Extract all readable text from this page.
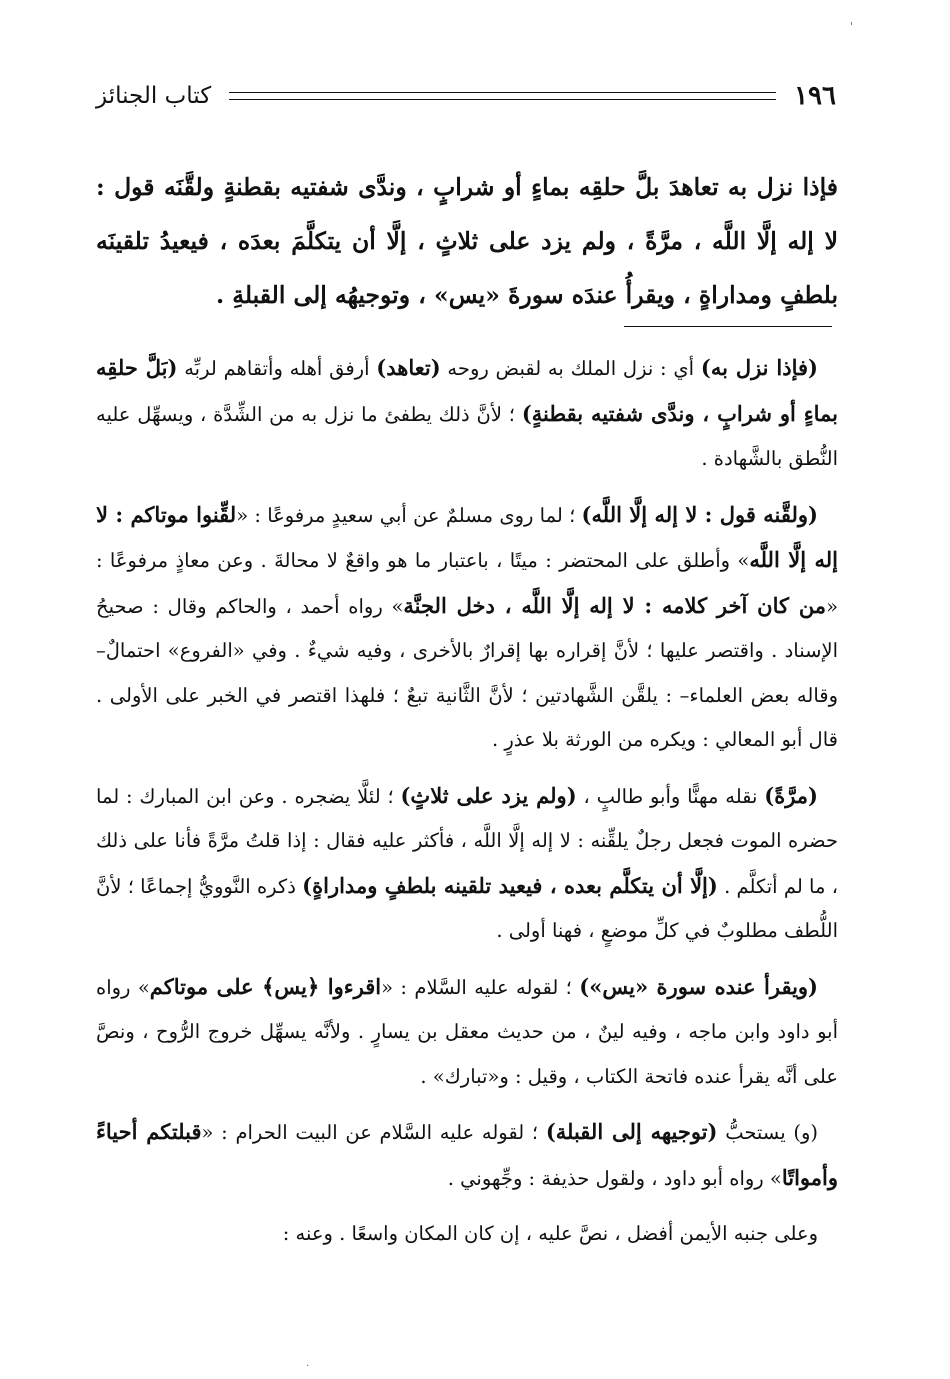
'
١٩٦
كتاب الجنائز

فإذا نزل به تعاهدَ بلَّ حلقِه بماءٍ أو شرابٍ ، وندَّى شفتيه بقطنةٍ ولقَّنَه قول : لا إله إلَّا اللَّه ، مرَّةً ، ولم يزد على ثلاثٍ ، إلَّا أن يتكلَّمَ بعدَه ، فيعيدُ تلقينَه بلطفٍ ومداراةٍ ، ويقرأُ عندَه سورةَ «يس» ، وتوجيهُه إلى القبلةِ .

(فإذا نزل به) أي : نزل الملك به لقبض روحه (تعاهد) أرفق أهله وأتقاهم لربِّه (بَلَّ حلقِه بماءٍ أو شرابٍ ، وندَّى شفتيه بقطنةٍ) ؛ لأنَّ ذلك يطفئ ما نزل به من الشِّدَّة ، ويسهِّل عليه النُّطق بالشَّهادة .

(ولقَّنه قول : لا إله إلَّا اللَّه) ؛ لما روى مسلمٌ عن أبي سعيدٍ مرفوعًا : «لقِّنوا موتاكم : لا إله إلَّا اللَّه» وأطلق على المحتضر : ميتًا ، باعتبار ما هو واقعٌ لا محالةَ . وعن معاذٍ مرفوعًا : «من كان آخر كلامه : لا إله إلَّا اللَّه ، دخل الجنَّة» رواه أحمد ، والحاكم وقال : صحيحُ الإسناد . واقتصر عليها ؛ لأنَّ إقراره بها إقرارٌ بالأخرى ، وفيه شيءٌ . وفي «الفروع» احتمالٌ– وقاله بعض العلماء– : يلقَّن الشَّهادتين ؛ لأنَّ الثَّانية تبعٌ ؛ فلهذا اقتصر في الخبر على الأولى . قال أبو المعالي : ويكره من الورثة بلا عذرٍ .

(مرَّةً) نقله مهنًّا وأبو طالبٍ ، (ولم يزد على ثلاثٍ) ؛ لئلَّا يضجره . وعن ابن المبارك : لما حضره الموت فجعل رجلٌ يلقِّنه : لا إله إلَّا اللَّه ، فأكثر عليه فقال : إذا قلتُ مرَّةً فأنا على ذلك ، ما لم أتكلَّم . (إلَّا أن يتكلَّم بعده ، فيعيد تلقينه بلطفٍ ومداراةٍ) ذكره النَّوويُّ إجماعًا ؛ لأنَّ اللُّطف مطلوبٌ في كلِّ موضعٍ ، فهنا أولى .

(ويقرأ عنده سورة «يس») ؛ لقوله عليه السَّلام : «اقرءوا ﴿يس﴾ على موتاكم» رواه أبو داود وابن ماجه ، وفيه لينٌ ، من حديث معقل بن يسارٍ . ولأنَّه يسهِّل خروج الرُّوح ، ونصَّ على أنَّه يقرأ عنده فاتحة الكتاب ، وقيل : و«تبارك» .

(و) يستحبُّ (توجيهه إلى القبلة) ؛ لقوله عليه السَّلام عن البيت الحرام : «قبلتكم أحياءً وأمواتًا» رواه أبو داود ، ولقول حذيفة : وجِّهوني .

وعلى جنبه الأيمن أفضل ، نصَّ عليه ، إن كان المكان واسعًا . وعنه :

.
